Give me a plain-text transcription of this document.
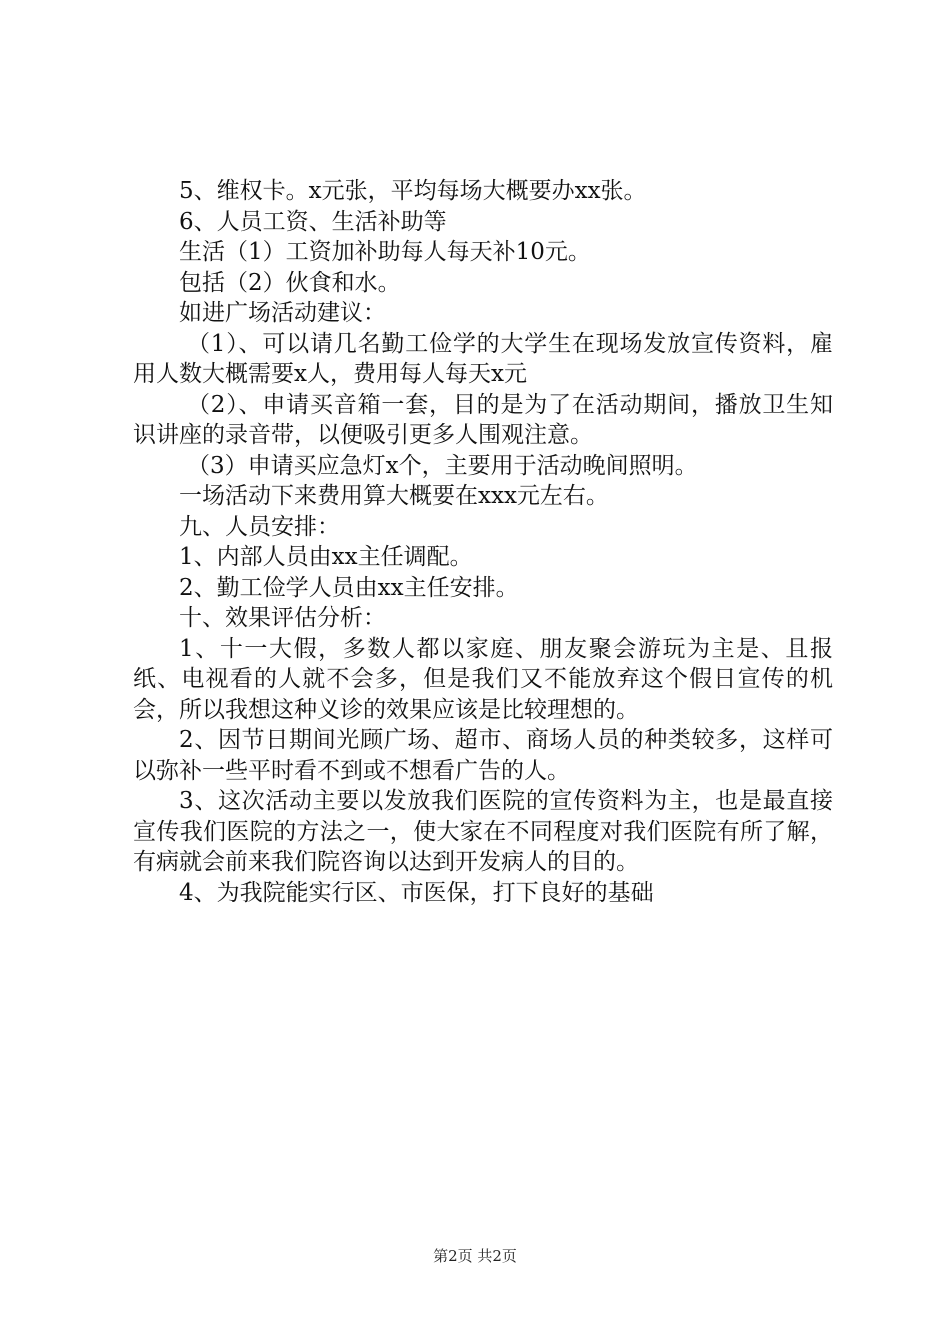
5、维权卡。x元张，平均每场大概要办xx张。

6、人员工资、生活补助等

生活（1）工资加补助每人每天补10元。

包括（2）伙食和水。

如进广场活动建议：

（1）、可以请几名勤工俭学的大学生在现场发放宣传资料，雇用人数大概需要x人，费用每人每天x元

（2）、申请买音箱一套，目的是为了在活动期间，播放卫生知识讲座的录音带，以便吸引更多人围观注意。

（3）申请买应急灯x个，主要用于活动晚间照明。

一场活动下来费用算大概要在xxx元左右。

九、人员安排：

1、内部人员由xx主任调配。

2、勤工俭学人员由xx主任安排。

十、效果评估分析：

1、十一大假，多数人都以家庭、朋友聚会游玩为主是、且报纸、电视看的人就不会多，但是我们又不能放弃这个假日宣传的机会，所以我想这种义诊的效果应该是比较理想的。

2、因节日期间光顾广场、超市、商场人员的种类较多，这样可以弥补一些平时看不到或不想看广告的人。

3、这次活动主要以发放我们医院的宣传资料为主，也是最直接宣传我们医院的方法之一，使大家在不同程度对我们医院有所了解，有病就会前来我们院咨询以达到开发病人的目的。

4、为我院能实行区、市医保，打下良好的基础

第2页 共2页
